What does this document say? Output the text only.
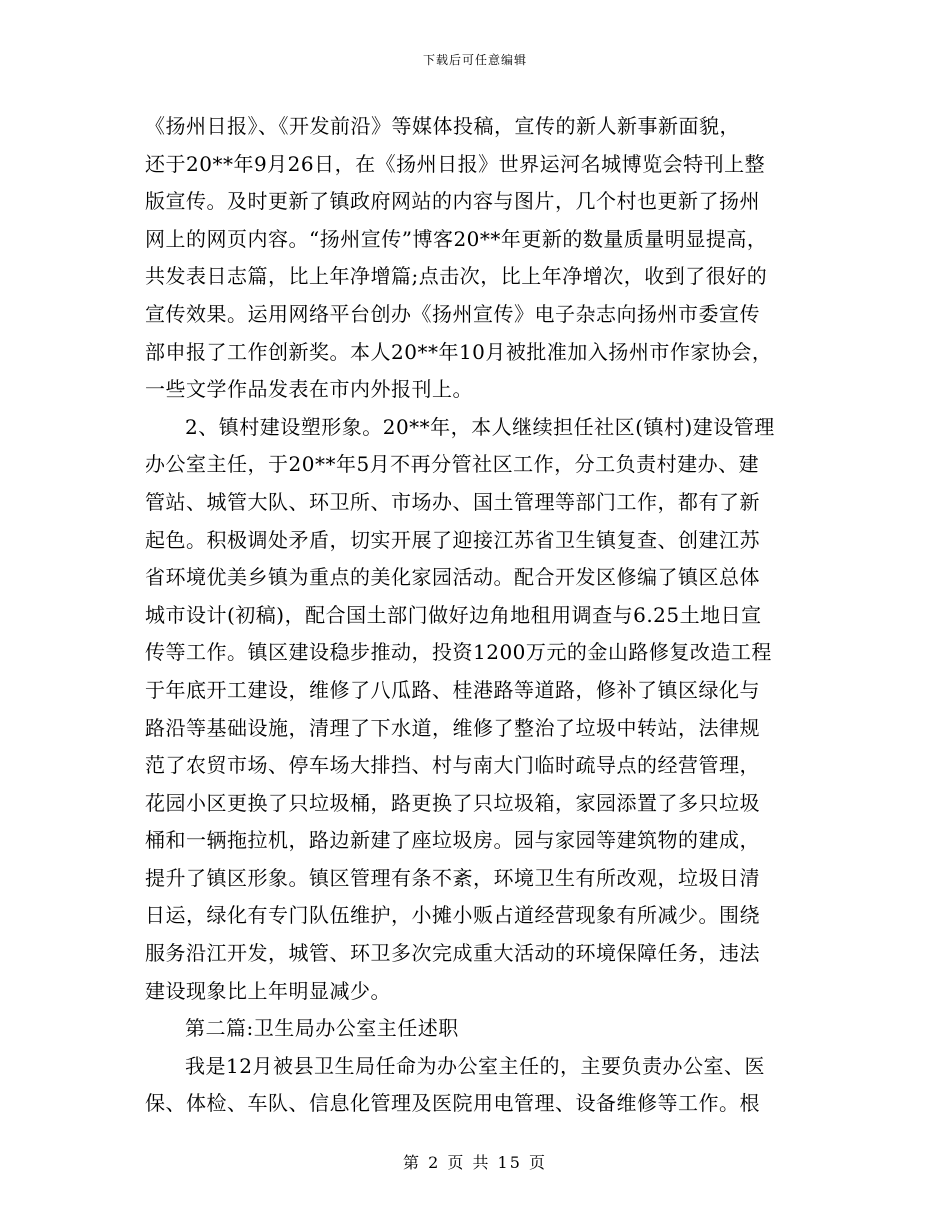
下载后可任意编辑
《扬州日报》、《开发前沿》等媒体投稿，宣传的新人新事新面貌，
还于20**年9月26日，在《扬州日报》世界运河名城博览会特刊上整
版宣传。及时更新了镇政府网站的内容与图片，几个村也更新了扬州
网上的网页内容。“扬州宣传”博客20**年更新的数量质量明显提高，
共发表日志篇，比上年净增篇;点击次，比上年净增次，收到了很好的
宣传效果。运用网络平台创办《扬州宣传》电子杂志向扬州市委宣传
部申报了工作创新奖。本人20**年10月被批准加入扬州市作家协会，
一些文学作品发表在市内外报刊上。
2、镇村建设塑形象。20**年，本人继续担任社区(镇村)建设管理
办公室主任，于20**年5月不再分管社区工作，分工负责村建办、建
管站、城管大队、环卫所、市场办、国土管理等部门工作，都有了新
起色。积极调处矛盾，切实开展了迎接江苏省卫生镇复查、创建江苏
省环境优美乡镇为重点的美化家园活动。配合开发区修编了镇区总体
城市设计(初稿)，配合国土部门做好边角地租用调查与6.25土地日宣
传等工作。镇区建设稳步推动，投资1200万元的金山路修复改造工程
于年底开工建设，维修了八瓜路、桂港路等道路，修补了镇区绿化与
路沿等基础设施，清理了下水道，维修了整治了垃圾中转站，法律规
范了农贸市场、停车场大排挡、村与南大门临时疏导点的经营管理，
花园小区更换了只垃圾桶，路更换了只垃圾箱，家园添置了多只垃圾
桶和一辆拖拉机，路边新建了座垃圾房。园与家园等建筑物的建成，
提升了镇区形象。镇区管理有条不紊，环境卫生有所改观，垃圾日清
日运，绿化有专门队伍维护，小摊小贩占道经营现象有所减少。围绕
服务沿江开发，城管、环卫多次完成重大活动的环境保障任务，违法
建设现象比上年明显减少。
第二篇:卫生局办公室主任述职
我是12月被县卫生局任命为办公室主任的，主要负责办公室、医
保、体检、车队、信息化管理及医院用电管理、设备维修等工作。根
第 2 页 共 15 页
